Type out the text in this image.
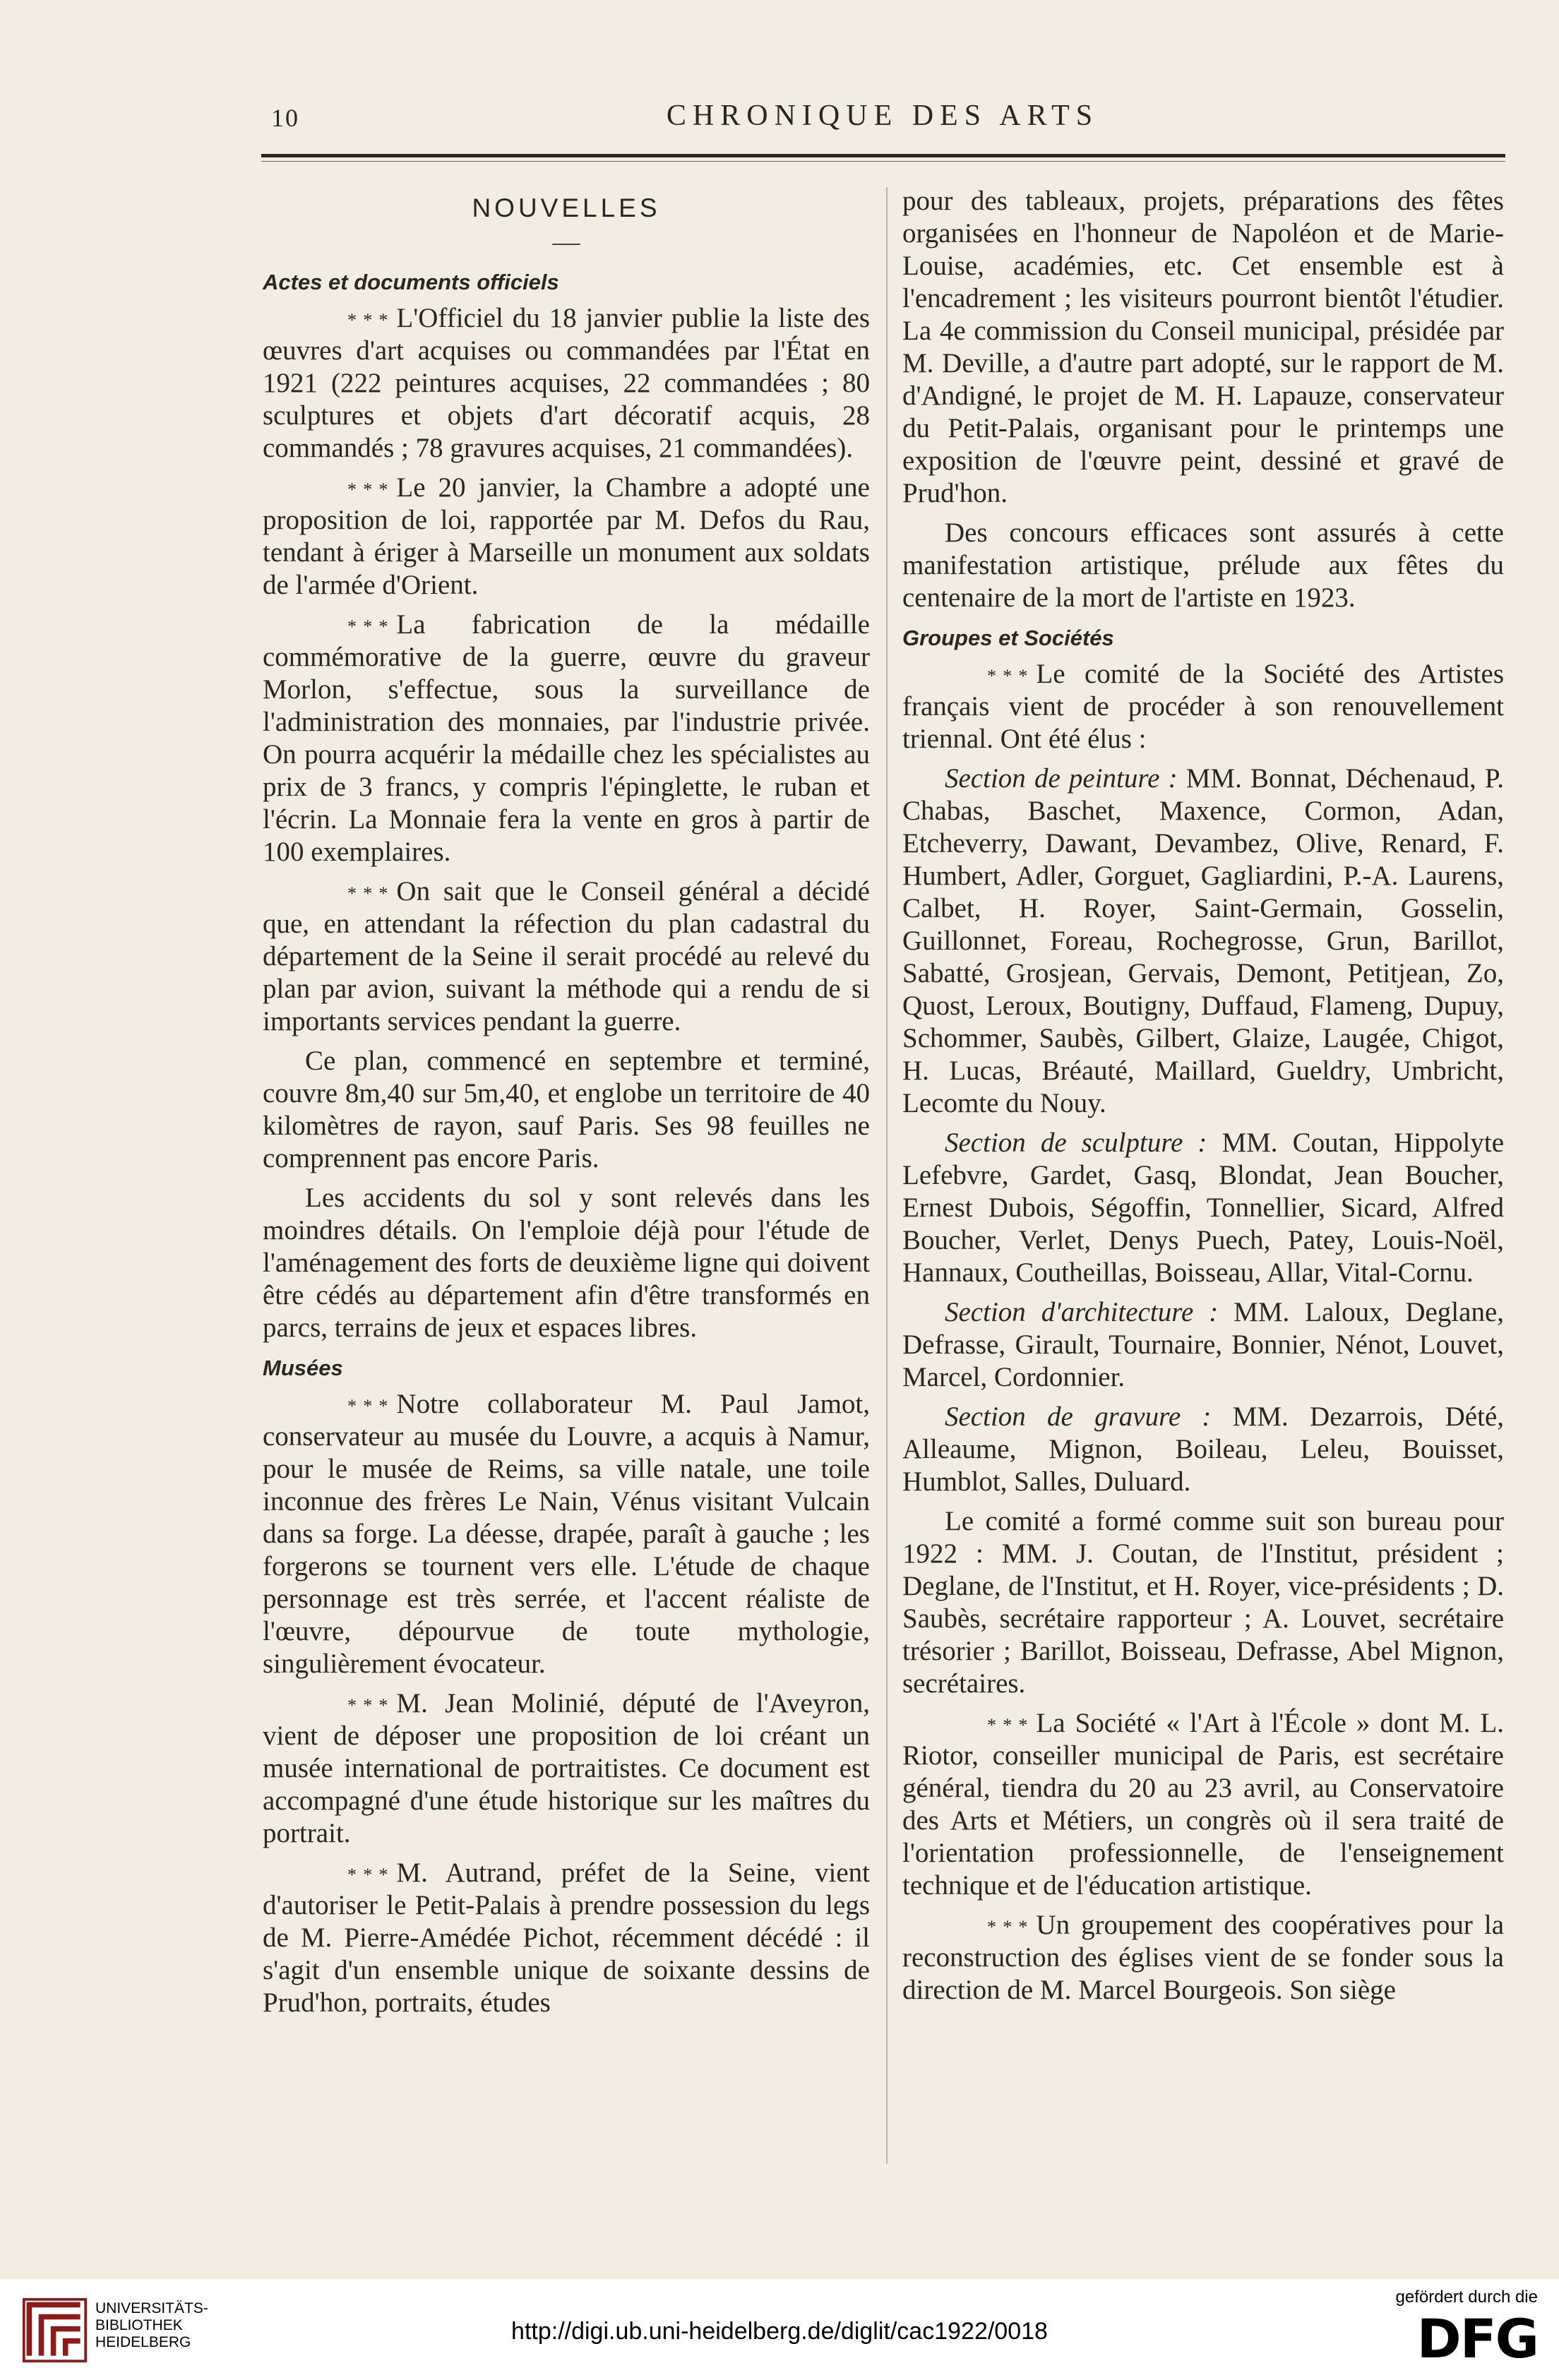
10	CHRONIQUE DES ARTS
NOUVELLES
—
Actes et documents officiels

* * * L'Officiel du 18 janvier publie la liste des œuvres d'art acquises ou commandées par l'État en 1921 (222 peintures acquises, 22 commandées ; 80 sculptures et objets d'art décoratif acquis, 28 commandés ; 78 gravures acquises, 21 commandées).

* * * Le 20 janvier, la Chambre a adopté une proposition de loi, rapportée par M. Defos du Rau, tendant à ériger à Marseille un monument aux soldats de l'armée d'Orient.

* * * La fabrication de la médaille commémorative de la guerre, œuvre du graveur Morlon, s'effectue, sous la surveillance de l'administration des monnaies, par l'industrie privée. On pourra acquérir la médaille chez les spécialistes au prix de 3 francs, y compris l'épinglette, le ruban et l'écrin. La Monnaie fera la vente en gros à partir de 100 exemplaires.

* * * On sait que le Conseil général a décidé que, en attendant la réfection du plan cadastral du département de la Seine il serait procédé au relevé du plan par avion, suivant la méthode qui a rendu de si importants services pendant la guerre.

Ce plan, commencé en septembre et terminé, couvre 8m,40 sur 5m,40, et englobe un territoire de 40 kilomètres de rayon, sauf Paris. Ses 98 feuilles ne comprennent pas encore Paris.

Les accidents du sol y sont relevés dans les moindres détails. On l'emploie déjà pour l'étude de l'aménagement des forts de deuxième ligne qui doivent être cédés au département afin d'être transformés en parcs, terrains de jeux et espaces libres.

Musées

* * * Notre collaborateur M. Paul Jamot, conservateur au musée du Louvre, a acquis à Namur, pour le musée de Reims, sa ville natale, une toile inconnue des frères Le Nain, Vénus visitant Vulcain dans sa forge. La déesse, drapée, paraît à gauche ; les forgerons se tournent vers elle. L'étude de chaque personnage est très serrée, et l'accent réaliste de l'œuvre, dépourvue de toute mythologie, singulièrement évocateur.

* * * M. Jean Molinié, député de l'Aveyron, vient de déposer une proposition de loi créant un musée international de portraitistes. Ce document est accompagné d'une étude historique sur les maîtres du portrait.

* * * M. Autrand, préfet de la Seine, vient d'autoriser le Petit-Palais à prendre possession du legs de M. Pierre-Amédée Pichot, récemment décédé : il s'agit d'un ensemble unique de soixante dessins de Prud'hon, portraits, études

pour des tableaux, projets, préparations des fêtes organisées en l'honneur de Napoléon et de Marie-Louise, académies, etc. Cet ensemble est à l'encadrement ; les visiteurs pourront bientôt l'étudier. La 4e commission du Conseil municipal, présidée par M. Deville, a d'autre part adopté, sur le rapport de M. d'Andigné, le projet de M. H. Lapauze, conservateur du Petit-Palais, organisant pour le printemps une exposition de l'œuvre peint, dessiné et gravé de Prud'hon.

Des concours efficaces sont assurés à cette manifestation artistique, prélude aux fêtes du centenaire de la mort de l'artiste en 1923.

Groupes et Sociétés

* * * Le comité de la Société des Artistes français vient de procéder à son renouvellement triennal. Ont été élus :

Section de peinture : MM. Bonnat, Déchenaud, P. Chabas, Baschet, Maxence, Cormon, Adan, Etcheverry, Dawant, Devambez, Olive, Renard, F. Humbert, Adler, Gorguet, Gagliardini, P.-A. Laurens, Calbet, H. Royer, Saint-Germain, Gosselin, Guillonnet, Foreau, Rochegrosse, Grun, Barillot, Sabatté, Grosjean, Gervais, Demont, Petitjean, Zo, Quost, Leroux, Boutigny, Duffaud, Flameng, Dupuy, Schommer, Saubès, Gilbert, Glaize, Laugée, Chigot, H. Lucas, Bréauté, Maillard, Gueldry, Umbricht, Lecomte du Nouy.

Section de sculpture : MM. Coutan, Hippolyte Lefebvre, Gardet, Gasq, Blondat, Jean Boucher, Ernest Dubois, Ségoffin, Tonnellier, Sicard, Alfred Boucher, Verlet, Denys Puech, Patey, Louis-Noël, Hannaux, Coutheillas, Boisseau, Allar, Vital-Cornu.

Section d'architecture : MM. Laloux, Deglane, Defrasse, Girault, Tournaire, Bonnier, Nénot, Louvet, Marcel, Cordonnier.

Section de gravure : MM. Dezarrois, Dété, Alleaume, Mignon, Boileau, Leleu, Bouisset, Humblot, Salles, Duluard.

Le comité a formé comme suit son bureau pour 1922 : MM. J. Coutan, de l'Institut, président ; Deglane, de l'Institut, et H. Royer, vice-présidents ; D. Saubès, secrétaire rapporteur ; A. Louvet, secrétaire trésorier ; Barillot, Boisseau, Defrasse, Abel Mignon, secrétaires.

* * * La Société « l'Art à l'École » dont M. L. Riotor, conseiller municipal de Paris, est secrétaire général, tiendra du 20 au 23 avril, au Conservatoire des Arts et Métiers, un congrès où il sera traité de l'orientation professionnelle, de l'enseignement technique et de l'éducation artistique.

* * * Un groupement des coopératives pour la reconstruction des églises vient de se fonder sous la direction de M. Marcel Bourgeois. Son siège

UNIVERSITÄTS-
BIBLIOTHEK
HEIDELBERG	http://digi.ub.uni-heidelberg.de/diglit/cac1922/0018
gefördert durch die
DFG
